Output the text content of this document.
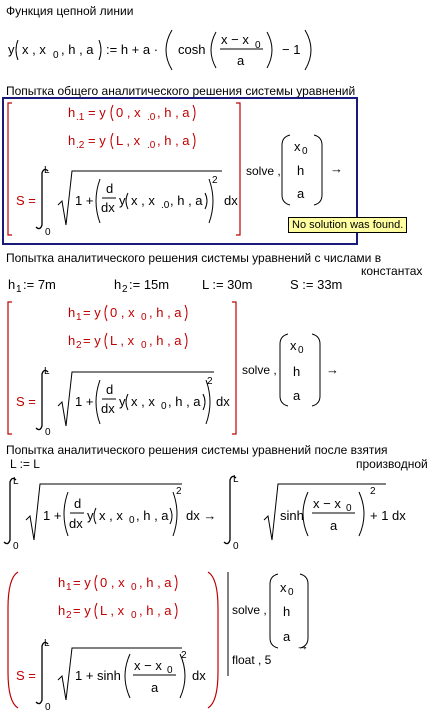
Функция цепной линии
y x , x 0 , h , a := h + a · cosh
x − x 0
a
− 1
Попытка общего аналитического решения системы уравнений
h .1 = y 0 , x .0 , h , a
h .2 = y L , x .0 , h , a
S =
L
0
1 +
d
dx y x , x .0 , h , a
2
dx
solve ,
x 0
h
a
→
No solution was found.
Попытка аналитического решения системы уравнений с числами в
константах
h 1 := 7m	h 2 := 15m	L := 30m	S := 33m
h 1 = y 0 , x 0 , h , a
h 2 = y L , x 0 , h , a
S =
L
0
1 +
d
dx y x , x 0 , h , a
2
dx
solve ,
x 0
h
a
→
Попытка аналитического решения системы уравнений после взятия
L := L	производной
L
0
1 +
d
dx
y x , x 0 , h , a
2
dx →
L
0
sinh
x − x 0
a
2
+ 1 dx
h 1 = y 0 , x 0 , h , a
h 2 = y L , x 0 , h , a
S =
L
0
1 + sinh
x − x 0
a
2
dx
solve ,
float , 5
x 0
h
a
→
